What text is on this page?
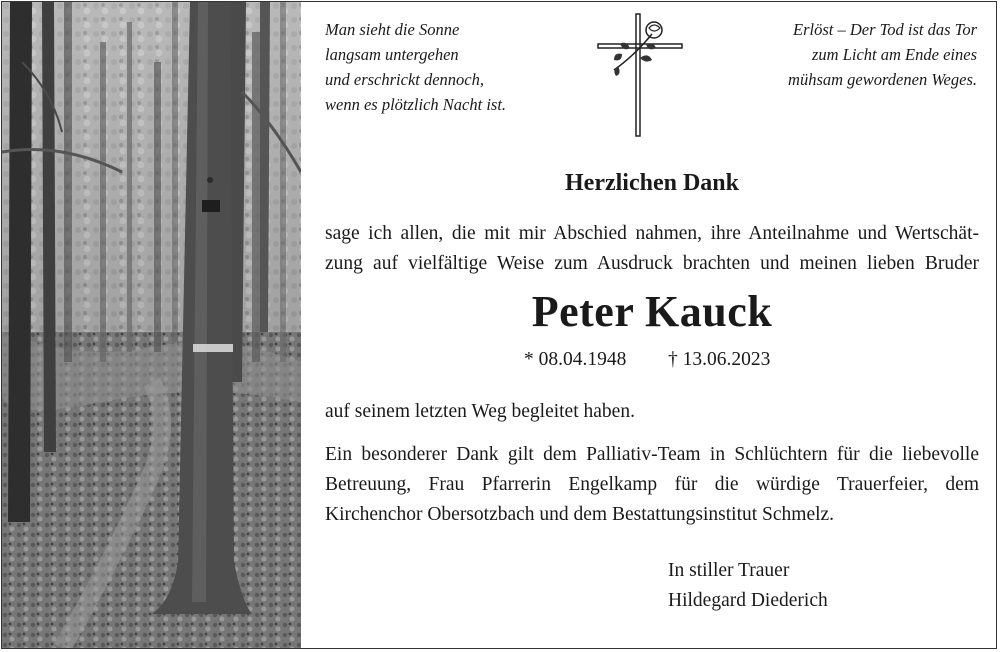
Man sieht die Sonne
langsam untergehen
und erschrickt dennoch,
wenn es plötzlich Nacht ist.

Erlöst – Der Tod ist das Tor
zum Licht am Ende eines
mühsam gewordenen Weges.

Herzlichen Dank

sage ich allen, die mit mir Abschied nahmen, ihre Anteilnahme und Wertschät-
zung auf vielfältige Weise zum Ausdruck brachten und meinen lieben Bruder

Peter Kauck

* 08.04.1948 † 13.06.2023

auf seinem letzten Weg begleitet haben.

Ein besonderer Dank gilt dem Palliativ-Team in Schlüchtern für die liebevolle
Betreuung, Frau Pfarrerin Engelkamp für die würdige Trauerfeier, dem
Kirchenchor Obersotzbach und dem Bestattungsinstitut Schmelz.

In stiller Trauer
Hildegard Diederich
